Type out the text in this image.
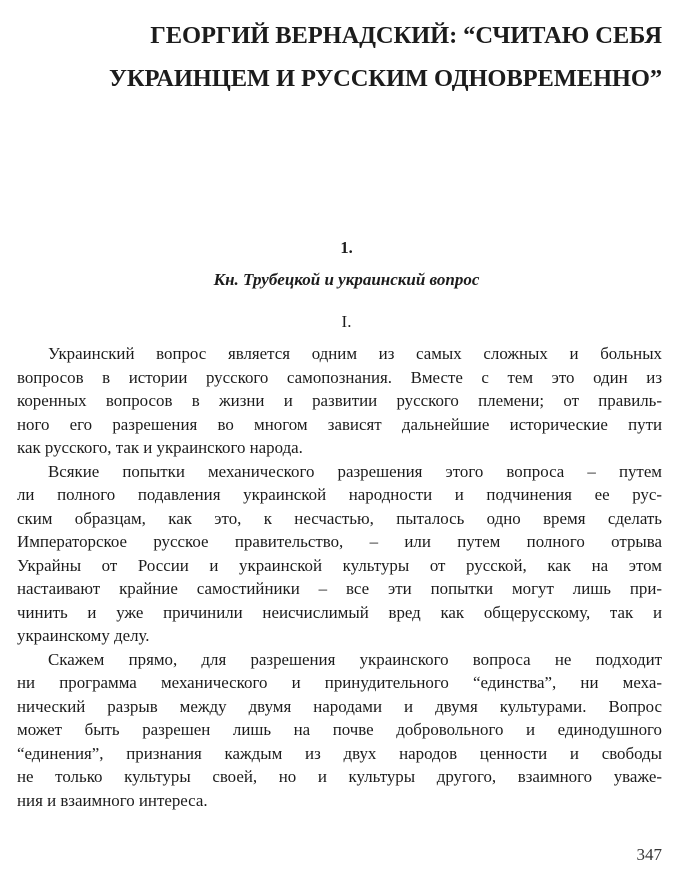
ГЕОРГИЙ ВЕРНАДСКИЙ: “СЧИТАЮ СЕБЯ
УКРАИНЦЕМ И РУССКИМ ОДНОВРЕМЕННО”
1.
Кн. Трубецкой и украинский вопрос
I.
Украинский вопрос является одним из самых сложных и больных
вопросов в истории русского самопознания. Вместе с тем это один из
коренных вопросов в жизни и развитии русского племени; от правиль-
ного его разрешения во многом зависят дальнейшие исторические пути
как русского, так и украинского народа.
Всякие попытки механического разрешения этого вопроса – путем
ли полного подавления украинской народности и подчинения ее рус-
ским образцам, как это, к несчастью, пыталось одно время сделать
Императорское русское правительство, – или путем полного отрыва
Украйны от России и украинской культуры от русской, как на этом
настаивают крайние самостийники – все эти попытки могут лишь при-
чинить и уже причинили неисчислимый вред как общерусскому, так и
украинскому делу.
Скажем прямо, для разрешения украинского вопроса не подходит
ни программа механического и принудительного “единства”, ни меха-
нический разрыв между двумя народами и двумя культурами. Вопрос
может быть разрешен лишь на почве добровольного и единодушного
“единения”, признания каждым из двух народов ценности и свободы
не только культуры своей, но и культуры другого, взаимного уваже-
ния и взаимного интереса.
347
